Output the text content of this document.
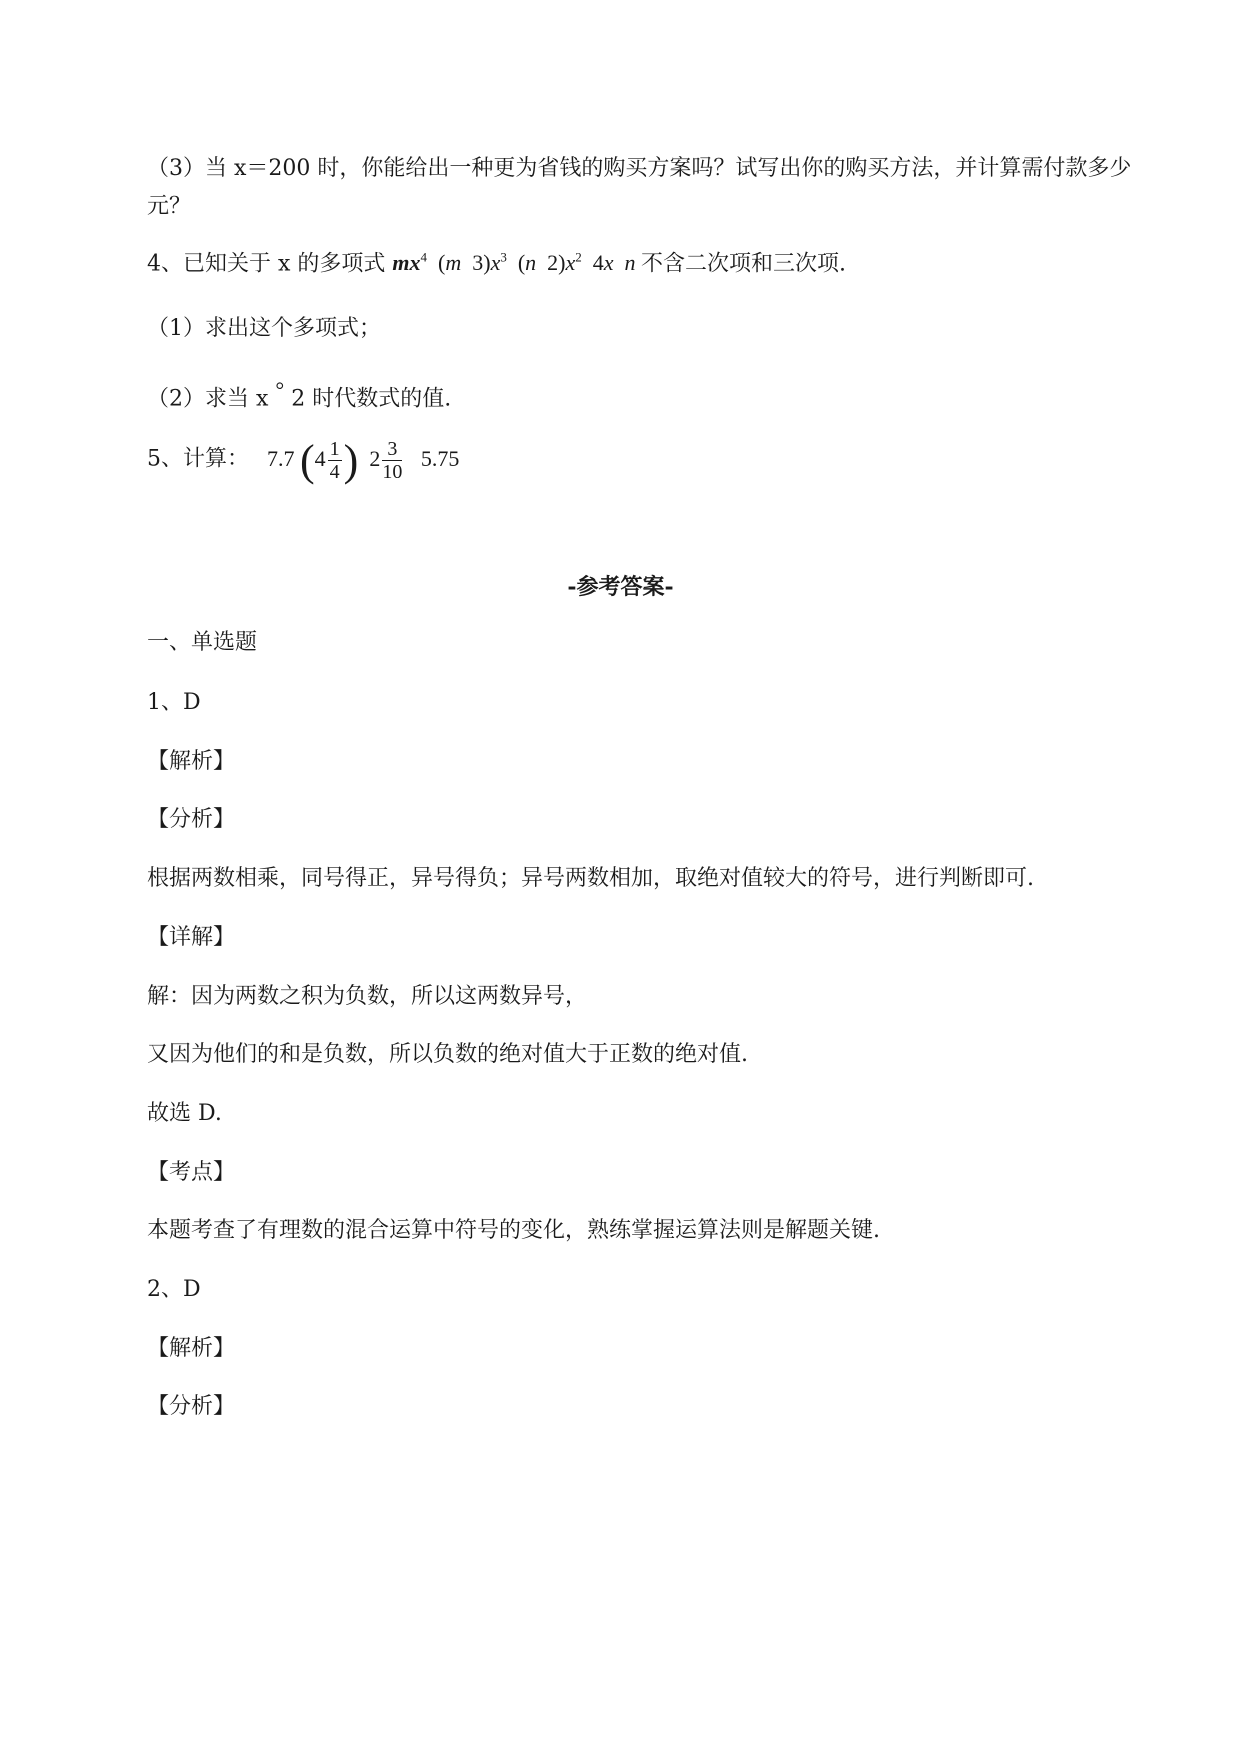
（3）当 x＝200 时，你能给出一种更为省钱的购买方案吗？试写出你的购买方法，并计算需付款多少元？
4、已知关于 x 的多项式 $mx^4$  (m  $3)x^3$  (n  $2)x^2$  4x n 不含二次项和三次项.
（1）求出这个多项式；
（2）求当 x ° 2 时代数式的值.
5、计算： 7.7 ($4 \frac{1}{4}$ ) $2 \frac{3}{10} 5.75$
-参考答案-
一、单选题
1、D
【解析】
【分析】
根据两数相乘，同号得正，异号得负；异号两数相加，取绝对值较大的符号，进行判断即可.
【详解】
解：因为两数之积为负数，所以这两数异号，
又因为他们的和是负数，所以负数的绝对值大于正数的绝对值.
故选 D.
【考点】
本题考查了有理数的混合运算中符号的变化，熟练掌握运算法则是解题关键.
2、D
【解析】
【分析】
